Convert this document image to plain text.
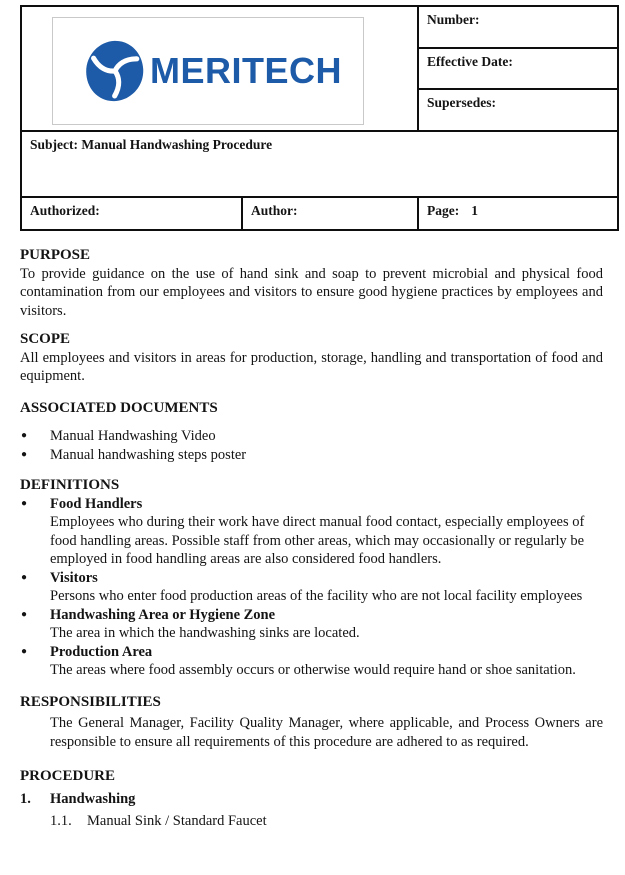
MERITECH		Number:
		Effective Date:
		Supersedes:
Subject: Manual Handwashing Procedure		
Authorized:	Author:	Page: 1
PURPOSE

To provide guidance on the use of hand sink and soap to prevent microbial and physical food contamination from our employees and visitors to ensure good hygiene practices by employees and visitors.

SCOPE

All employees and visitors in areas for production, storage, handling and transportation of food and equipment.

ASSOCIATED DOCUMENTS
●	Manual Handwashing Video
●	Manual handwashing steps poster
DEFINITIONS
●	Food Handlers
Employees who during their work have direct manual food contact, especially employees of food handling areas. Possible staff from other areas, which may occasionally or regularly be employed in food handling areas are also considered food handlers.
●	Visitors
Persons who enter food production areas of the facility who are not local facility employees
●	Handwashing Area or Hygiene Zone
The area in which the handwashing sinks are located.
●	Production Area
The areas where food assembly occurs or otherwise would require hand or shoe sanitation.
RESPONSIBILITIES

The General Manager, Facility Quality Manager, where applicable, and Process Owners are responsible to ensure all requirements of this procedure are adhered to as required.

PROCEDURE
1.	Handwashing
1.1.	Manual Sink / Standard Faucet
